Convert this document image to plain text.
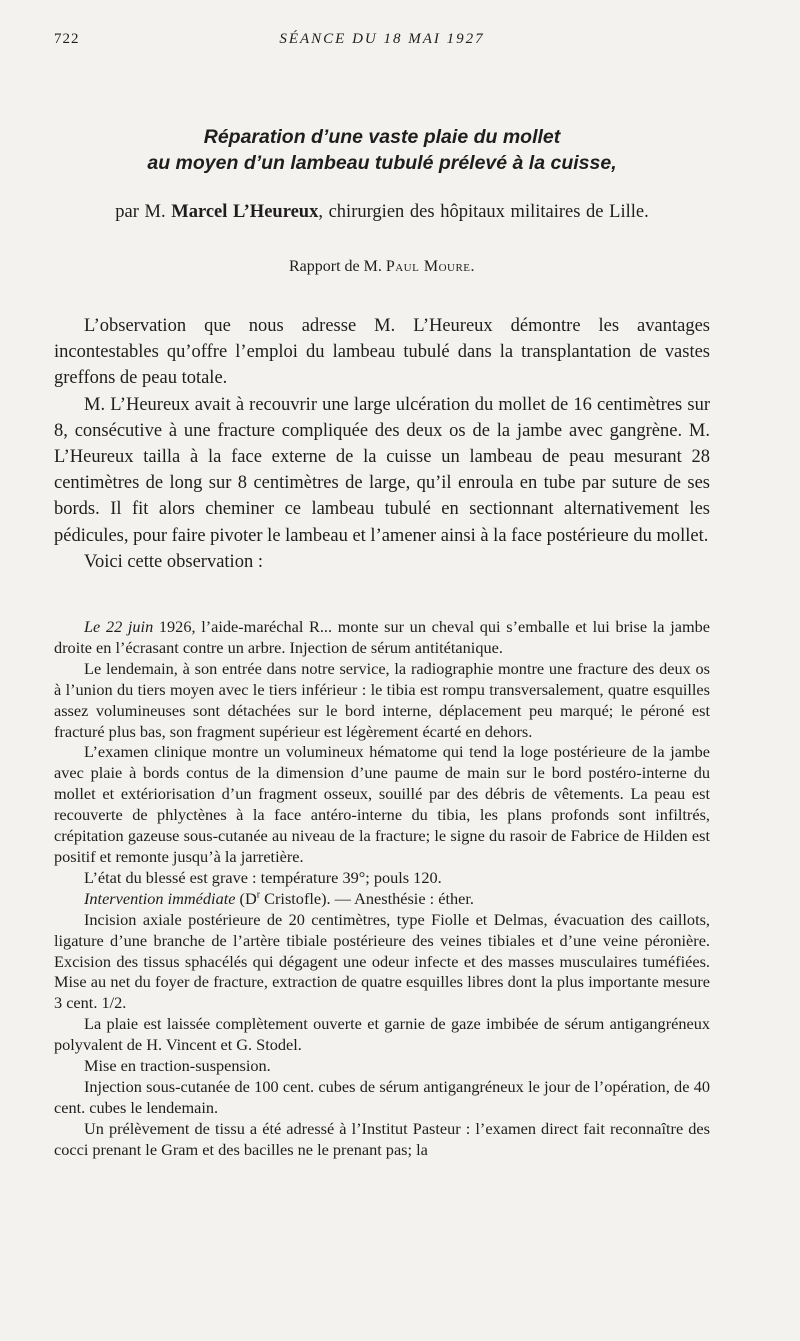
722	SÉANCE DU 18 MAI 1927
Réparation d’une vaste plaie du mollet
au moyen d’un lambeau tubulé prélevé à la cuisse,
par M. Marcel L’Heureux, chirurgien des hôpitaux militaires de Lille.
Rapport de M. Paul Moure.

L’observation que nous adresse M. L’Heureux démontre les avantages incontestables qu’offre l’emploi du lambeau tubulé dans la transplantation de vastes greffons de peau totale.

M. L’Heureux avait à recouvrir une large ulcération du mollet de 16 centimètres sur 8, consécutive à une fracture compliquée des deux os de la jambe avec gangrène. M. L’Heureux tailla à la face externe de la cuisse un lambeau de peau mesurant 28 centimètres de long sur 8 centimètres de large, qu’il enroula en tube par suture de ses bords. Il fit alors cheminer ce lambeau tubulé en sectionnant alternativement les pédicules, pour faire pivoter le lambeau et l’amener ainsi à la face postérieure du mollet.

Voici cette observation :

Le 22 juin 1926, l’aide-maréchal R... monte sur un cheval qui s’emballe et lui brise la jambe droite en l’écrasant contre un arbre. Injection de sérum antitétanique.

Le lendemain, à son entrée dans notre service, la radiographie montre une fracture des deux os à l’union du tiers moyen avec le tiers inférieur : le tibia est rompu transversalement, quatre esquilles assez volumineuses sont détachées sur le bord interne, déplacement peu marqué; le péroné est fracturé plus bas, son fragment supérieur est légèrement écarté en dehors.

L’examen clinique montre un volumineux hématome qui tend la loge postérieure de la jambe avec plaie à bords contus de la dimension d’une paume de main sur le bord postéro-interne du mollet et extériorisation d’un fragment osseux, souillé par des débris de vêtements. La peau est recouverte de phlyctènes à la face antéro-interne du tibia, les plans profonds sont infiltrés, crépitation gazeuse sous-cutanée au niveau de la fracture; le signe du rasoir de Fabrice de Hilden est positif et remonte jusqu’à la jarretière.

L’état du blessé est grave : température 39°; pouls 120.

Intervention immédiate ($D^r$ Cristofle). — Anesthésie : éther.

Incision axiale postérieure de 20 centimètres, type Fiolle et Delmas, évacuation des caillots, ligature d’une branche de l’artère tibiale postérieure des veines tibiales et d’une veine péronière. Excision des tissus sphacélés qui dégagent une odeur infecte et des masses musculaires tuméfiées. Mise au net du foyer de fracture, extraction de quatre esquilles libres dont la plus importante mesure 3 cent. 1/2.

La plaie est laissée complètement ouverte et garnie de gaze imbibée de sérum antigangréneux polyvalent de H. Vincent et G. Stodel.

Mise en traction-suspension.

Injection sous-cutanée de 100 cent. cubes de sérum antigangréneux le jour de l’opération, de 40 cent. cubes le lendemain.

Un prélèvement de tissu a été adressé à l’Institut Pasteur : l’examen direct fait reconnaître des cocci prenant le Gram et des bacilles ne le prenant pas; la
